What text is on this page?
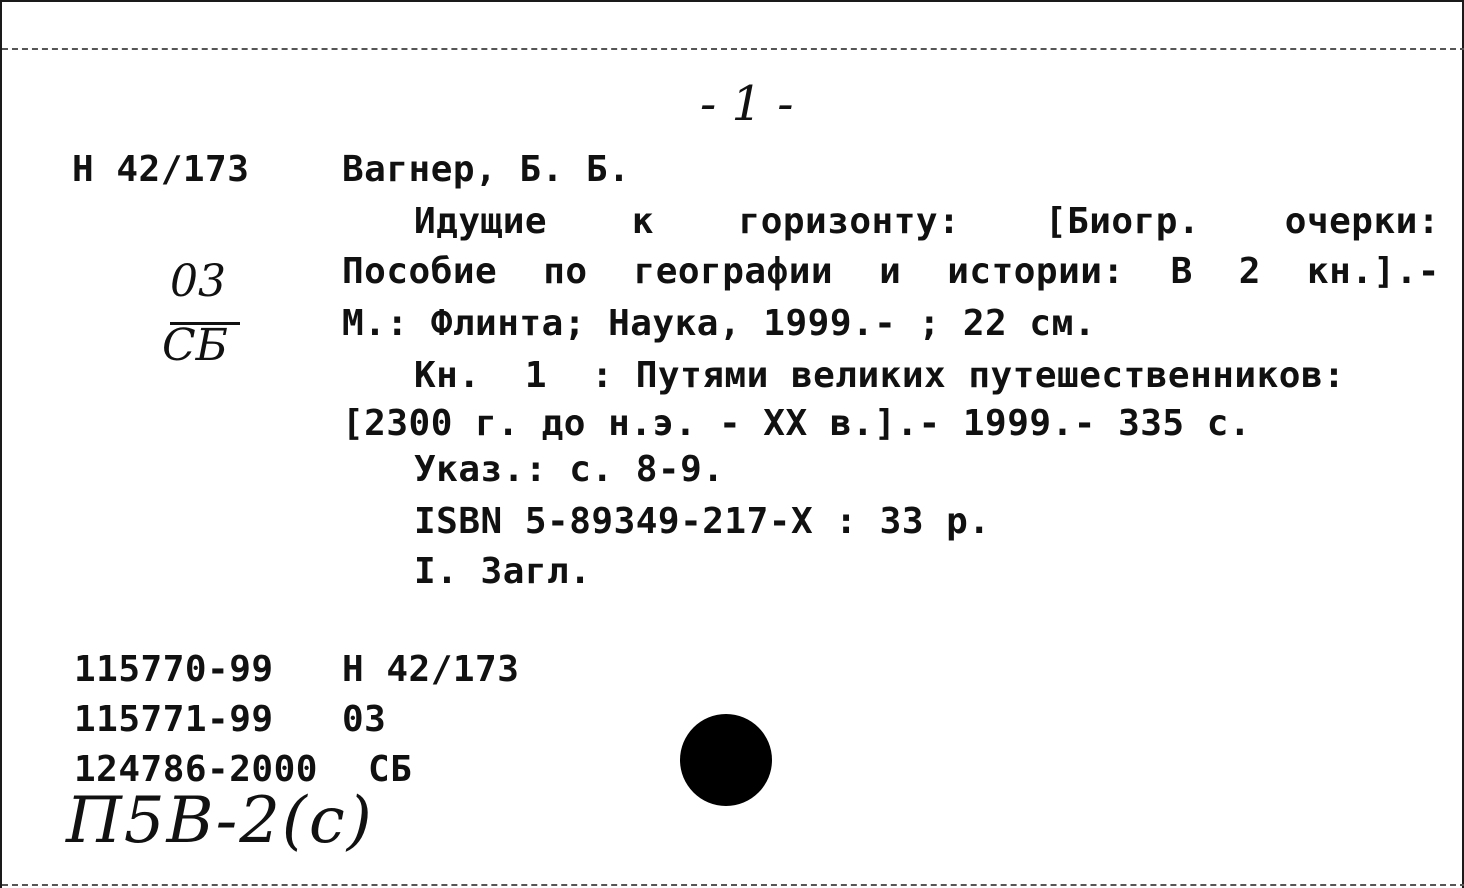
- 1 -
Н 42/173
03
СБ
Вагнер, Б. Б.
Идущие к горизонту: [Биогр. очерки:
Пособие по географии и истории: В 2 кн.].-
М.: Флинта; Наука, 1999.- ; 22 см.
Кн.  1  : Путями великих путешественников:
[2300 г. до н.э. - XX в.].- 1999.- 335 с.
Указ.: с. 8-9.
ISBN 5-89349-217-X : 33 р.
I. Загл.
115770-99 Н 42/173
115771-99 03
124786-2000 СБ
П5В-2(с)
